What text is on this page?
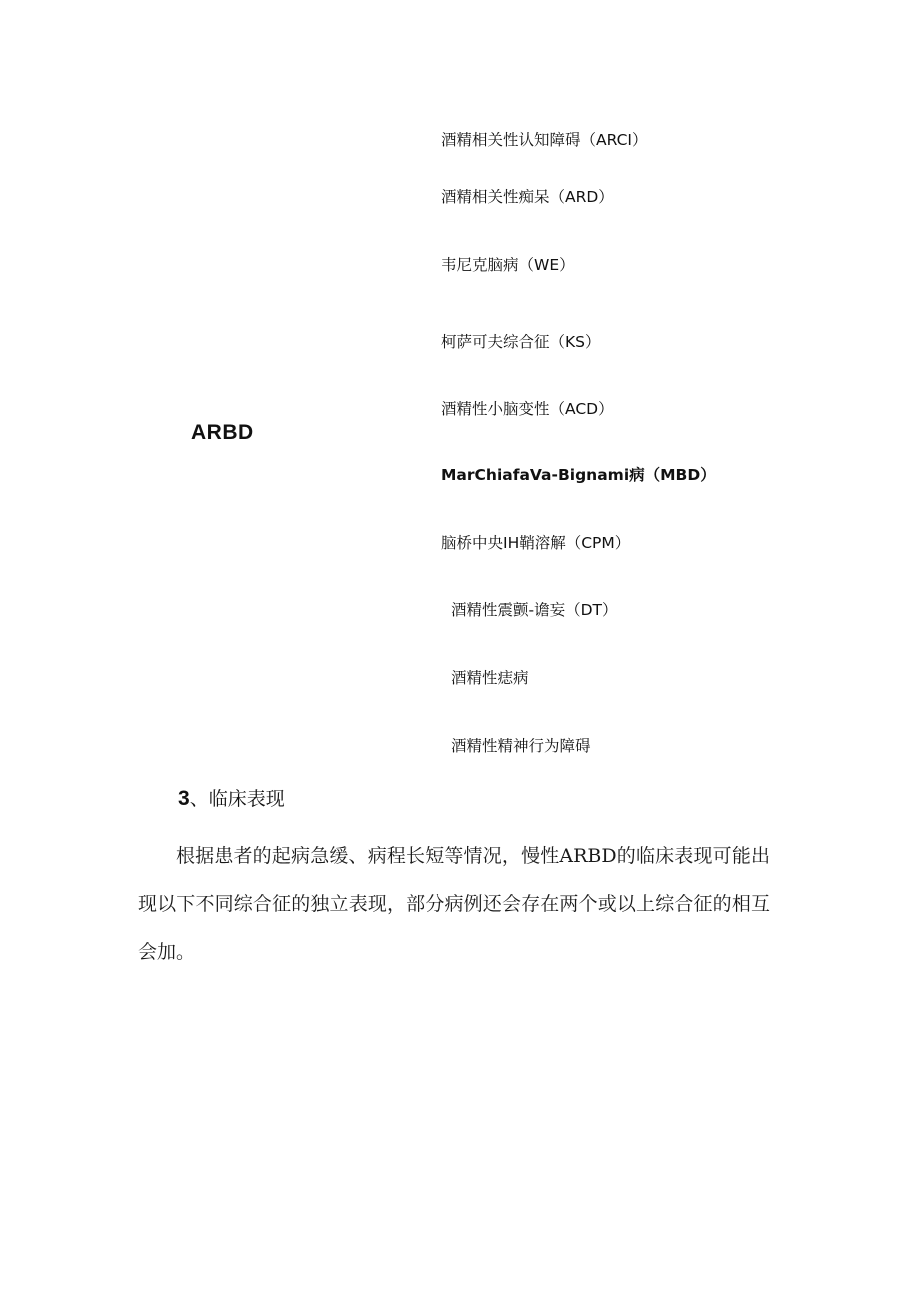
ARBD
酒精相关性认知障碍（ARCI）
酒精相关性痴呆（ARD）
韦尼克脑病（WE）
柯萨可夫综合征（KS）
酒精性小脑变性（ACD）
MarChiafaVa-Bignami病（MBD）
脑桥中央IH鞘溶解（CPM）
酒精性震颤-谵妄（DT）
酒精性痣病
酒精性精神行为障碍
3、临床表现
根据患者的起病急缓、病程长短等情况，慢性ARBD的临床表现可能出现以下不同综合征的独立表现，部分病例还会存在两个或以上综合征的相互会加。
